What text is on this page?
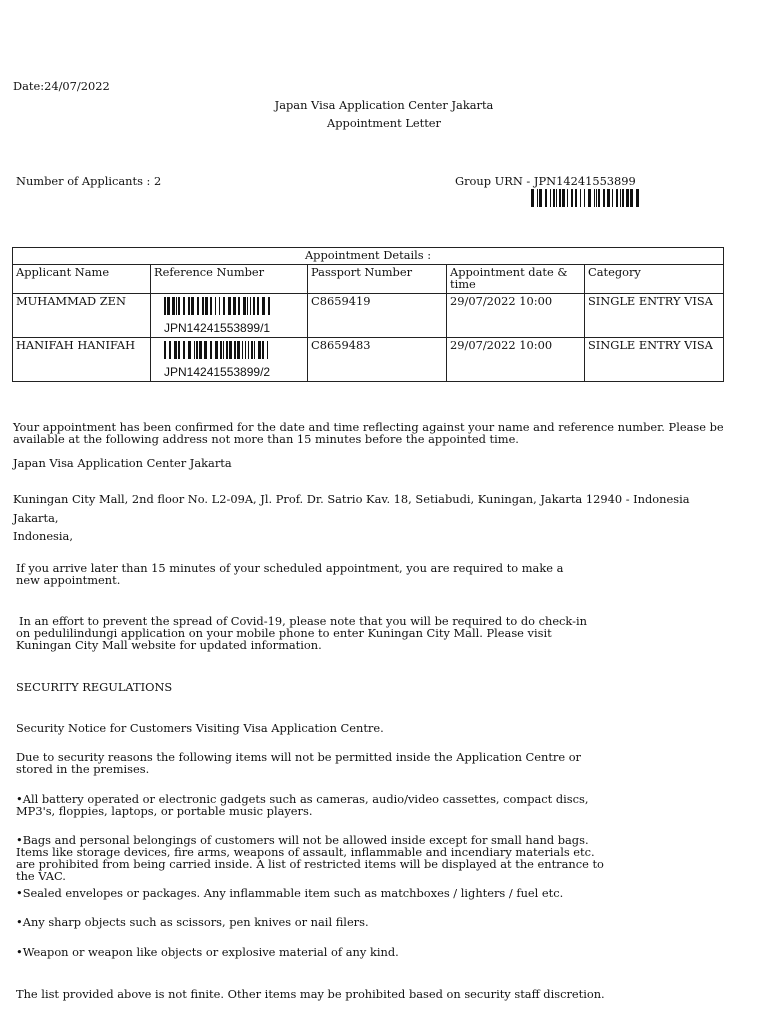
Date:24/07/2022
Japan Visa Application Center Jakarta
Appointment Letter
Number of Applicants : 2	Group URN - JPN14241553899
Appointment Details :				
Applicant Name	Reference Number	Passport Number	Appointment date & time	Category
MUHAMMAD ZEN	JPN14241553899/1	C8659419	29/07/2022 10:00	SINGLE ENTRY VISA
HANIFAH HANIFAH	JPN14241553899/2	C8659483	29/07/2022 10:00	SINGLE ENTRY VISA
Your appointment has been confirmed for the date and time reflecting against your name and reference number. Please be available at the following address not more than 15 minutes before the appointed time.
Japan Visa Application Center Jakarta
Kuningan City Mall, 2nd floor No. L2-09A, Jl. Prof. Dr. Satrio Kav. 18, Setiabudi, Kuningan, Jakarta 12940 - Indonesia
Jakarta,
Indonesia,
If you arrive later than 15 minutes of your scheduled appointment, you are required to make a new appointment.
In an effort to prevent the spread of Covid-19, please note that you will be required to do check-in on pedulilindungi application on your mobile phone to enter Kuningan City Mall. Please visit Kuningan City Mall website for updated information.
SECURITY REGULATIONS
Security Notice for Customers Visiting Visa Application Centre.
Due to security reasons the following items will not be permitted inside the Application Centre or stored in the premises.
•All battery operated or electronic gadgets such as cameras, audio/video cassettes, compact discs, MP3's, floppies, laptops, or portable music players.
•Bags and personal belongings of customers will not be allowed inside except for small hand bags. Items like storage devices, fire arms, weapons of assault, inflammable and incendiary materials etc. are prohibited from being carried inside. A list of restricted items will be displayed at the entrance to the VAC.
•Sealed envelopes or packages. Any inflammable item such as matchboxes / lighters / fuel etc.
•Any sharp objects such as scissors, pen knives or nail filers.
•Weapon or weapon like objects or explosive material of any kind.
The list provided above is not finite. Other items may be prohibited based on security staff discretion.
